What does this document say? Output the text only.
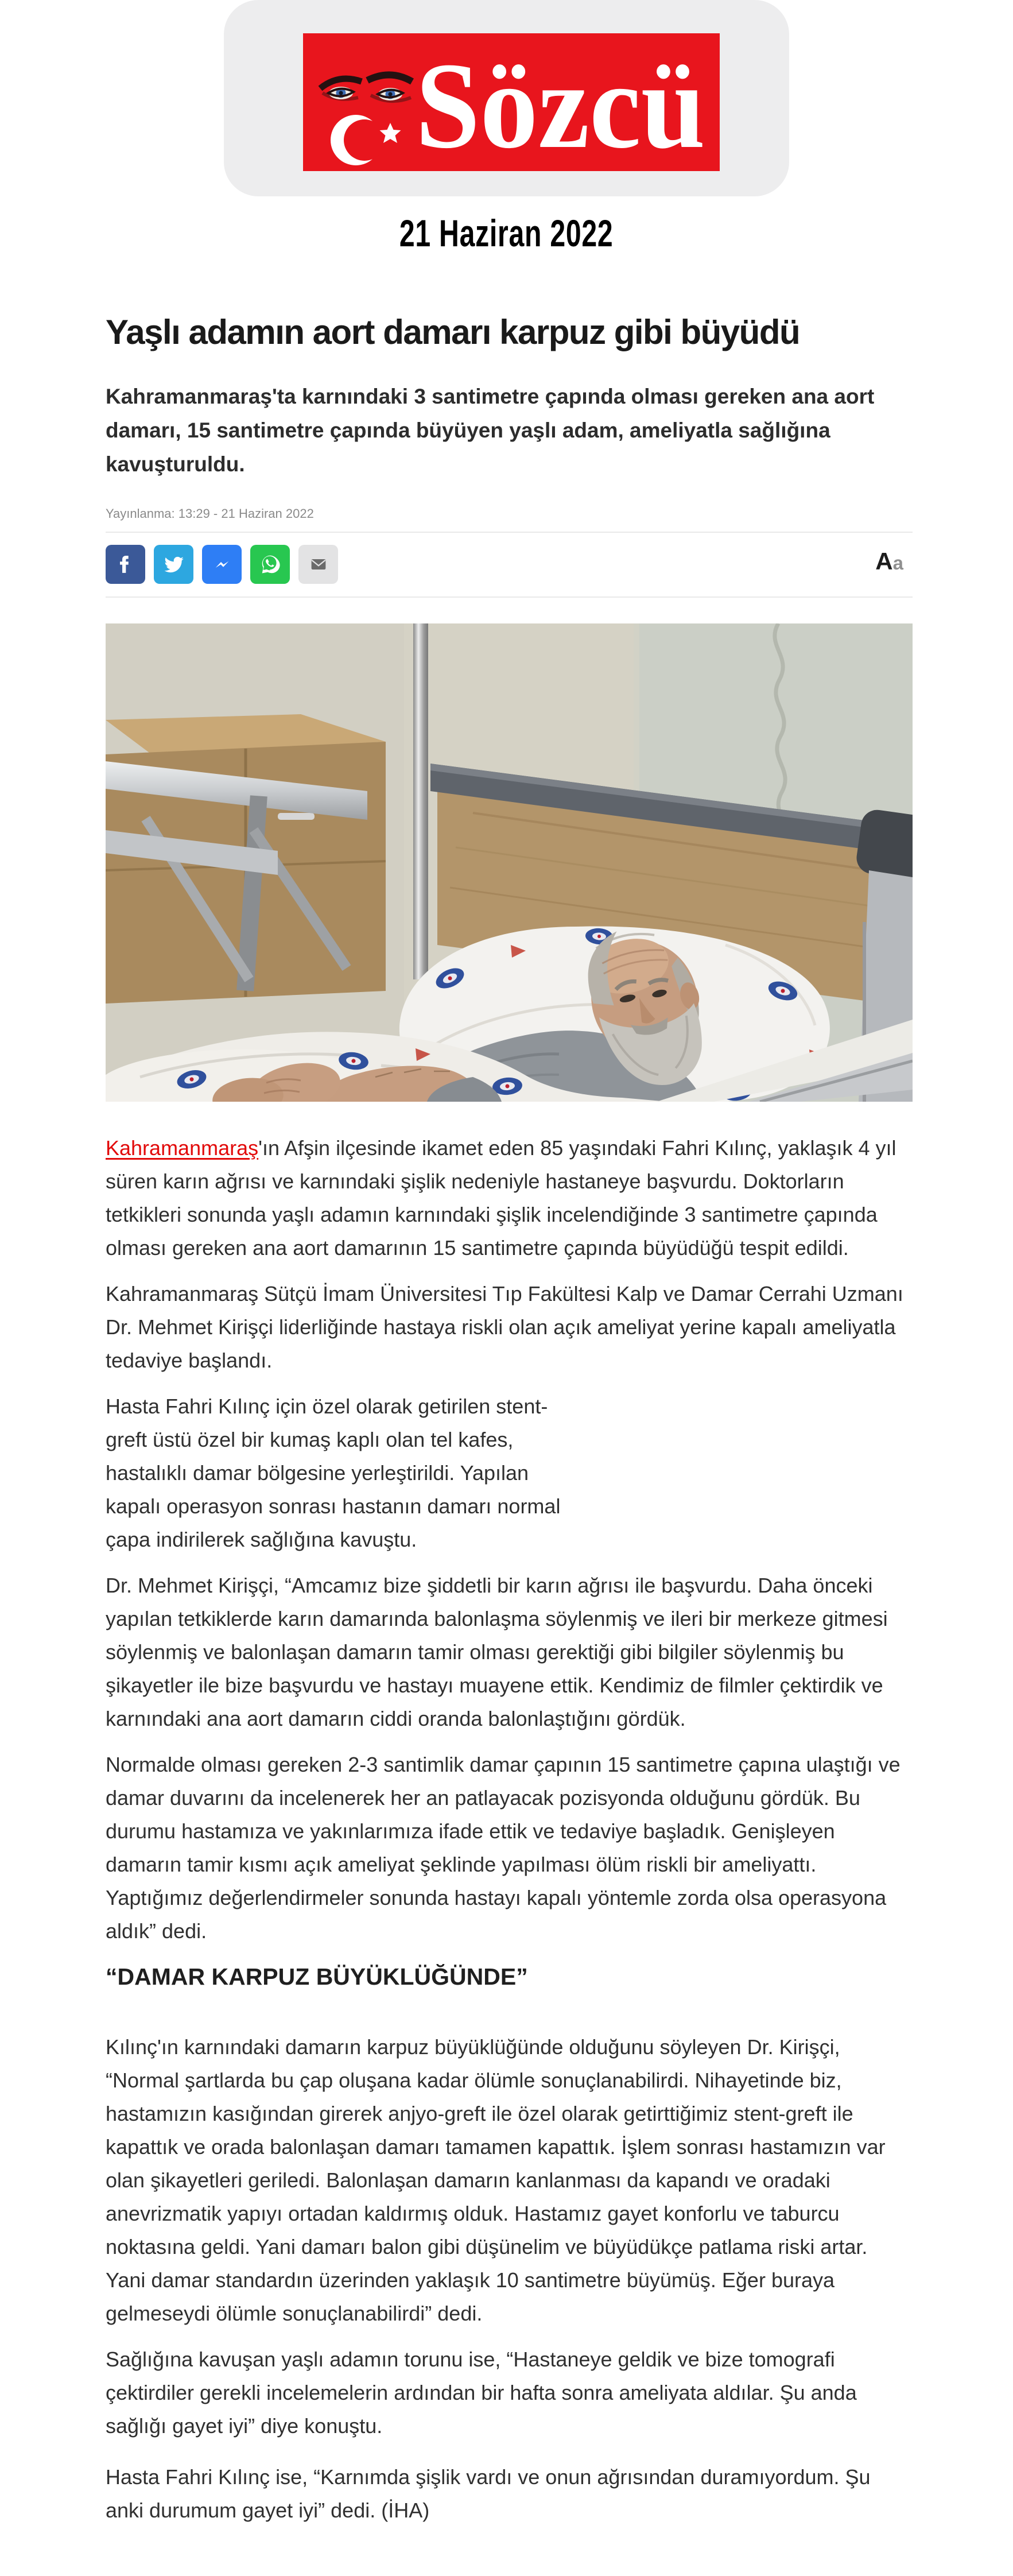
Sözcü
21 Haziran 2022
Yaşlı adamın aort damarı karpuz gibi büyüdü

Kahramanmaraş'ta karnındaki 3 santimetre çapında olması gereken ana aort damarı, 15 santimetre çapında büyüyen yaşlı adam, ameliyatla sağlığına kavuşturuldu.

Yayınlanma: 13:29 - 21 Haziran 2022
Aa

Kahramanmaraş'ın Afşin ilçesinde ikamet eden 85 yaşındaki Fahri Kılınç, yaklaşık 4 yıl süren karın ağrısı ve karnındaki şişlik nedeniyle hastaneye başvurdu. Doktorların tetkikleri sonunda yaşlı adamın karnındaki şişlik incelendiğinde 3 santimetre çapında olması gereken ana aort damarının 15 santimetre çapında büyüdüğü tespit edildi.

Kahramanmaraş Sütçü İmam Üniversitesi Tıp Fakültesi Kalp ve Damar Cerrahi Uzmanı Dr. Mehmet Kirişçi liderliğinde hastaya riskli olan açık ameliyat yerine kapalı ameliyatla tedaviye başlandı.

Hasta Fahri Kılınç için özel olarak getirilen stent-greft üstü özel bir kumaş kaplı olan tel kafes, hastalıklı damar bölgesine yerleştirildi. Yapılan kapalı operasyon sonrası hastanın damarı normal çapa indirilerek sağlığına kavuştu.

Dr. Mehmet Kirişçi, “Amcamız bize şiddetli bir karın ağrısı ile başvurdu. Daha önceki yapılan tetkiklerde karın damarında balonlaşma söylenmiş ve ileri bir merkeze gitmesi söylenmiş ve balonlaşan damarın tamir olması gerektiği gibi bilgiler söylenmiş bu şikayetler ile bize başvurdu ve hastayı muayene ettik. Kendimiz de filmler çektirdik ve karnındaki ana aort damarın ciddi oranda balonlaştığını gördük.

Normalde olması gereken 2-3 santimlik damar çapının 15 santimetre çapına ulaştığı ve damar duvarını da incelenerek her an patlayacak pozisyonda olduğunu gördük. Bu durumu hastamıza ve yakınlarımıza ifade ettik ve tedaviye başladık. Genişleyen damarın tamir kısmı açık ameliyat şeklinde yapılması ölüm riskli bir ameliyattı. Yaptığımız değerlendirmeler sonunda hastayı kapalı yöntemle zorda olsa operasyona aldık” dedi.

“DAMAR KARPUZ BÜYÜKLÜĞÜNDE”

Kılınç'ın karnındaki damarın karpuz büyüklüğünde olduğunu söyleyen Dr. Kirişçi, “Normal şartlarda bu çap oluşana kadar ölümle sonuçlanabilirdi. Nihayetinde biz, hastamızın kasığından girerek anjyo-greft ile özel olarak getirttiğimiz stent-greft ile kapattık ve orada balonlaşan damarı tamamen kapattık. İşlem sonrası hastamızın var olan şikayetleri geriledi. Balonlaşan damarın kanlanması da kapandı ve oradaki anevrizmatik yapıyı ortadan kaldırmış olduk. Hastamız gayet konforlu ve taburcu noktasına geldi. Yani damarı balon gibi düşünelim ve büyüdükçe patlama riski artar. Yani damar standardın üzerinden yaklaşık 10 santimetre büyümüş. Eğer buraya gelmeseydi ölümle sonuçlanabilirdi” dedi.

Sağlığına kavuşan yaşlı adamın torunu ise, “Hastaneye geldik ve bize tomografi çektirdiler gerekli incelemelerin ardından bir hafta sonra ameliyata aldılar. Şu anda sağlığı gayet iyi” diye konuştu.

Hasta Fahri Kılınç ise, “Karnımda şişlik vardı ve onun ağrısından duramıyordum. Şu anki durumum gayet iyi” dedi. (İHA)
